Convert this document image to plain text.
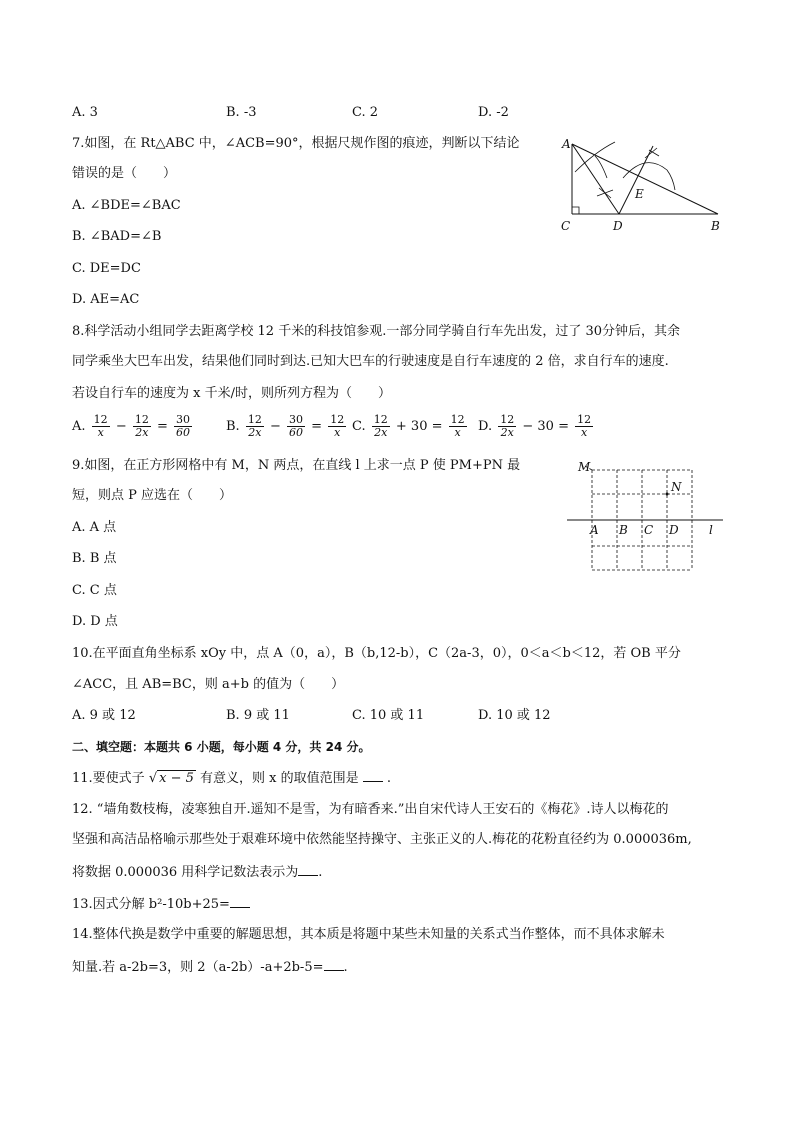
A. 3	B. -3	C. 2	D. -2
7.如图，在 Rt△ABC 中，∠ACB=90°，根据尺规作图的痕迹，判断以下结论
错误的是（　　）
A. ∠BDE=∠BAC
B. ∠BAD=∠B
C. DE=DC
D. AE=AC
A
C	D	B
E
8.科学活动小组同学去距离学校 12 千米的科技馆参观.一部分同学骑自行车先出发，过了 30分钟后，其余
同学乘坐大巴车出发，结果他们同时到达.已知大巴车的行驶速度是自行车速度的 2 倍，求自行车的速度.
若设自行车的速度为 x 千米/时，则所列方程为（　　）
A. $\frac{12}{x} - \frac{12}{2x} = \frac{30}{60}$	B. $\frac{12}{2x} - \frac{30}{60} = \frac{12}{x} C$. $\frac{12}{2x} + 30 = \frac{12}{x} D$. $\frac{12}{2x} - 30 = \frac{12}{x}$
9.如图，在正方形网格中有 M，N 两点，在直线 l 上求一点 P 使 PM+PN 最
短，则点 P 应选在（　　）
A. A 点
B. B 点
C. C 点
D. D 点
M
N
A B C D	l
10.在平面直角坐标系 xOy 中，点 A（0，a），B（b,12-b），C（2a-3，0），0＜a＜b＜12，若 OB 平分
∠ACC，且 AB=BC，则 a+b 的值为（　　）
A. 9 或 12	B. 9 或 11	C. 10 或 11	D. 10 或 12
二、填空题：本题共 6 小题，每小题 4 分，共 24 分。
11.要使式子 √ x − 5 有意义，则 x 的取值范围是 .
12. “墙角数枝梅，凌寒独自开.遥知不是雪，为有暗香来.”出自宋代诗人王安石的《梅花》.诗人以梅花的
坚强和高洁品格喻示那些处于艰难环境中依然能坚持操守、主张正义的人.梅花的花粉直径约为 0.000036m,
将数据 0.000036 用科学记数法表示为 .
13.因式分解 b²-10b+25=
14.整体代换是数学中重要的解题思想，其本质是将题中某些未知量的关系式当作整体，而不具体求解未
知量.若 a-2b=3，则 2（a-2b）-a+2b-5= .
